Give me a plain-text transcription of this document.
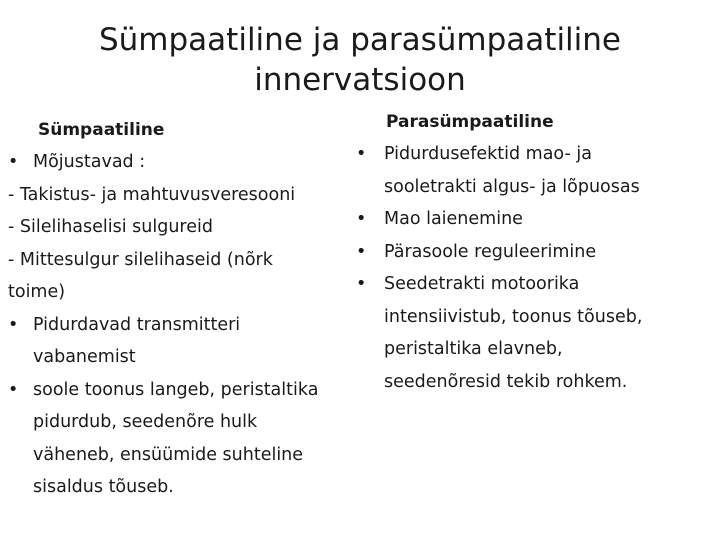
Sümpaatiline ja parasümpaatiline
innervatsioon
Sümpaatiline
• Mõjustavad :
- Takistus- ja mahtuvusveresooni
- Silelihaselisi sulgureid
- Mittesulgur silelihaseid (nõrk
toime)
• Pidurdavad transmitteri
vabanemist
• soole toonus langeb, peristaltika
pidurdub, seedenõre hulk
väheneb, ensüümide suhteline
sisaldus tõuseb.
Parasümpaatiline
• Pidurdusefektid mao- ja
sooletrakti algus- ja lõpuosas
• Mao laienemine
• Pärasoole reguleerimine
• Seedetrakti motoorika
intensiivistub, toonus tõuseb,
peristaltika elavneb,
seedenõresid tekib rohkem.
